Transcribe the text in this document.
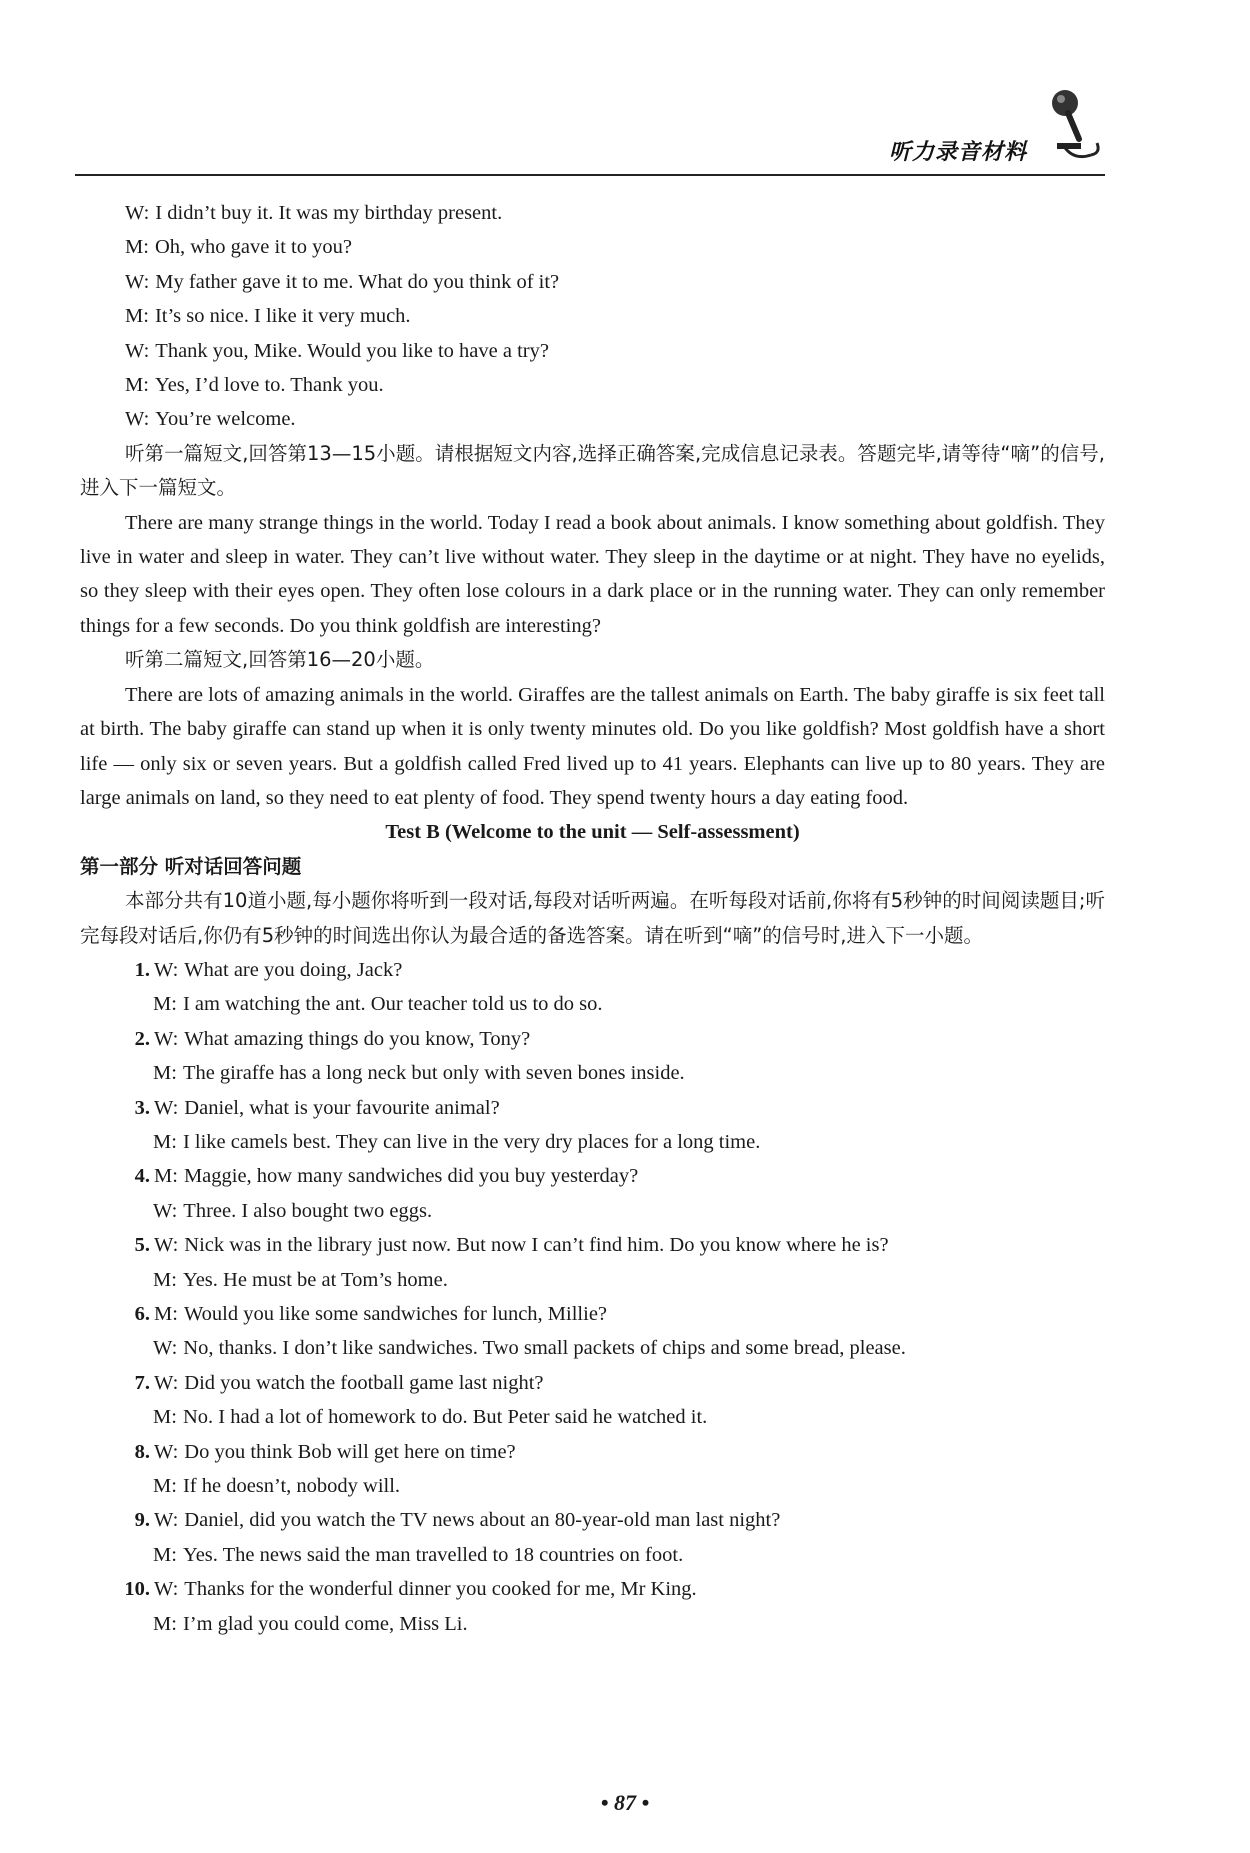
听力录音材料
W: I didn’t buy it. It was my birthday present.
M: Oh, who gave it to you?
W: My father gave it to me. What do you think of it?
M: It’s so nice. I like it very much.
W: Thank you, Mike. Would you like to have a try?
M: Yes, I’d love to. Thank you.
W: You’re welcome.
听第一篇短文,回答第13—15小题。请根据短文内容,选择正确答案,完成信息记录表。答题完毕,请等待“嘀”的信号,进入下一篇短文。
There are many strange things in the world. Today I read a book about animals. I know something about goldfish. They live in water and sleep in water. They can’t live without water. They sleep in the daytime or at night. They have no eyelids, so they sleep with their eyes open. They often lose colours in a dark place or in the running water. They can only remember things for a few seconds. Do you think goldfish are interesting?
听第二篇短文,回答第16—20小题。
There are lots of amazing animals in the world. Giraffes are the tallest animals on Earth. The baby giraffe is six feet tall at birth. The baby giraffe can stand up when it is only twenty minutes old. Do you like goldfish? Most goldfish have a short life — only six or seven years. But a goldfish called Fred lived up to 41 years. Elephants can live up to 80 years. They are large animals on land, so they need to eat plenty of food. They spend twenty hours a day eating food.
Test B (Welcome to the unit — Self-assessment)
第一部分 听对话回答问题
本部分共有10道小题,每小题你将听到一段对话,每段对话听两遍。在听每段对话前,你将有5秒钟的时间阅读题目;听完每段对话后,你仍有5秒钟的时间选出你认为最合适的备选答案。请在听到“嘀”的信号时,进入下一小题。
1. W: What are you doing, Jack?
M: I am watching the ant. Our teacher told us to do so.
2. W: What amazing things do you know, Tony?
M: The giraffe has a long neck but only with seven bones inside.
3. W: Daniel, what is your favourite animal?
M: I like camels best. They can live in the very dry places for a long time.
4. M: Maggie, how many sandwiches did you buy yesterday?
W: Three. I also bought two eggs.
5. W: Nick was in the library just now. But now I can’t find him. Do you know where he is?
M: Yes. He must be at Tom’s home.
6. M: Would you like some sandwiches for lunch, Millie?
W: No, thanks. I don’t like sandwiches. Two small packets of chips and some bread, please.
7. W: Did you watch the football game last night?
M: No. I had a lot of homework to do. But Peter said he watched it.
8. W: Do you think Bob will get here on time?
M: If he doesn’t, nobody will.
9. W: Daniel, did you watch the TV news about an 80-year-old man last night?
M: Yes. The news said the man travelled to 18 countries on foot.
10. W: Thanks for the wonderful dinner you cooked for me, Mr King.
M: I’m glad you could come, Miss Li.
• 87 •
